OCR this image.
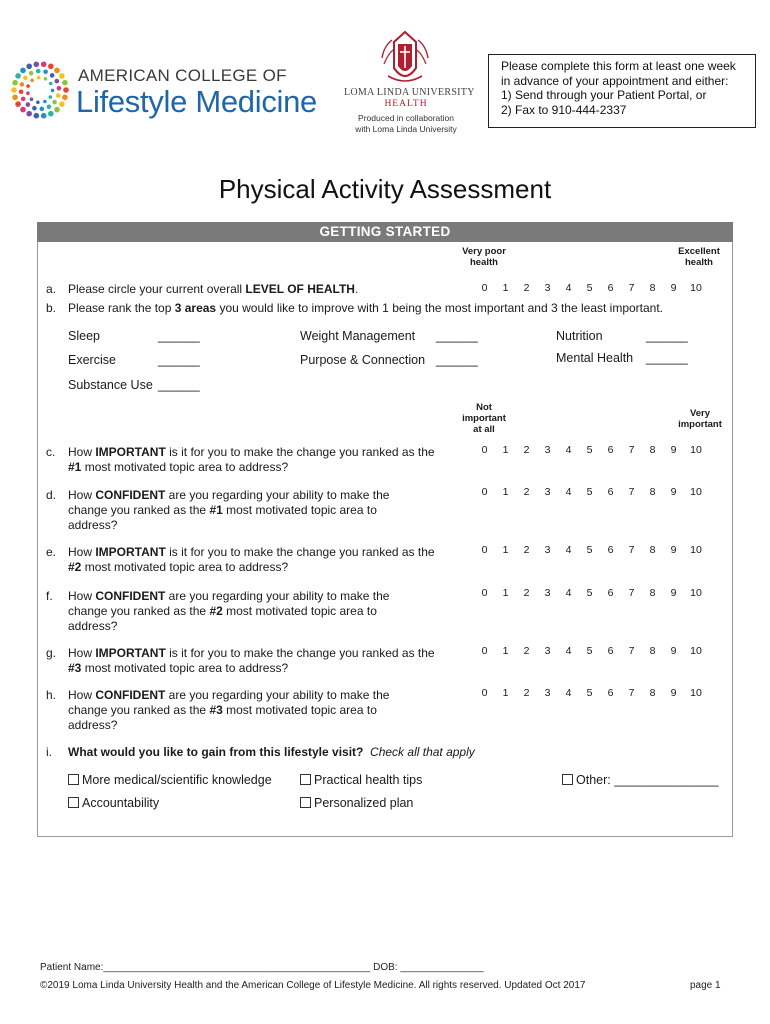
AMERICAN COLLEGE OF
Lifestyle Medicine	LOMA LINDA UNIVERSITY
HEALTH
Produced in collaboration
with Loma Linda University
Please complete this form at least one week
in advance of your appointment and either:
1) Send through your Patient Portal, or
2) Fax to 910-444-2337
Physical Activity Assessment
GETTING STARTED
Very poor
health
Excellent
health
a. Please circle your current overall LEVEL OF HEALTH.	0	1	2	3	4	5	6	7	8	9	10
b. Please rank the top 3 areas you would like to improve with 1 being the most important and 3 the least important.
Sleep	______	Weight Management ______	Nutrition	______
Exercise	______	Purpose & Connection ______	Mental Health ______
Substance Use ______
Not
important
at all
Very
important
c.	How IMPORTANT is it for you to make the change you ranked as the #1 most motivated topic area to address?
0	1	2	3	4	5	6	7	8	9	10
d. How CONFIDENT are you regarding your ability to make the change you ranked as the #1 most motivated topic area to address?
0	1	2	3	4	5	6	7	8	9	10
e. How IMPORTANT is it for you to make the change you ranked as the #2 most motivated topic area to address?
0	1	2	3	4	5	6	7	8	9	10
f.	How CONFIDENT are you regarding your ability to make the change you ranked as the #2 most motivated topic area to address?
0	1	2	3	4	5	6	7	8	9	10
g. How IMPORTANT is it for you to make the change you ranked as the #3 most motivated topic area to address?
0	1	2	3	4	5	6	7	8	9	10
h. How CONFIDENT are you regarding your ability to make the change you ranked as the #3 most motivated topic area to address?
0	1	2	3	4	5	6	7	8	9	10
i.	What would you like to gain from this lifestyle visit? Check all that apply
More medical/scientific knowledge	Practical health tips	Other: _______________
Accountability	Personalized plan
Patient Name:________________________________________________ DOB: _______________
©2019 Loma Linda University Health and the American College of Lifestyle Medicine. All rights reserved. Updated Oct 2017	page 1
